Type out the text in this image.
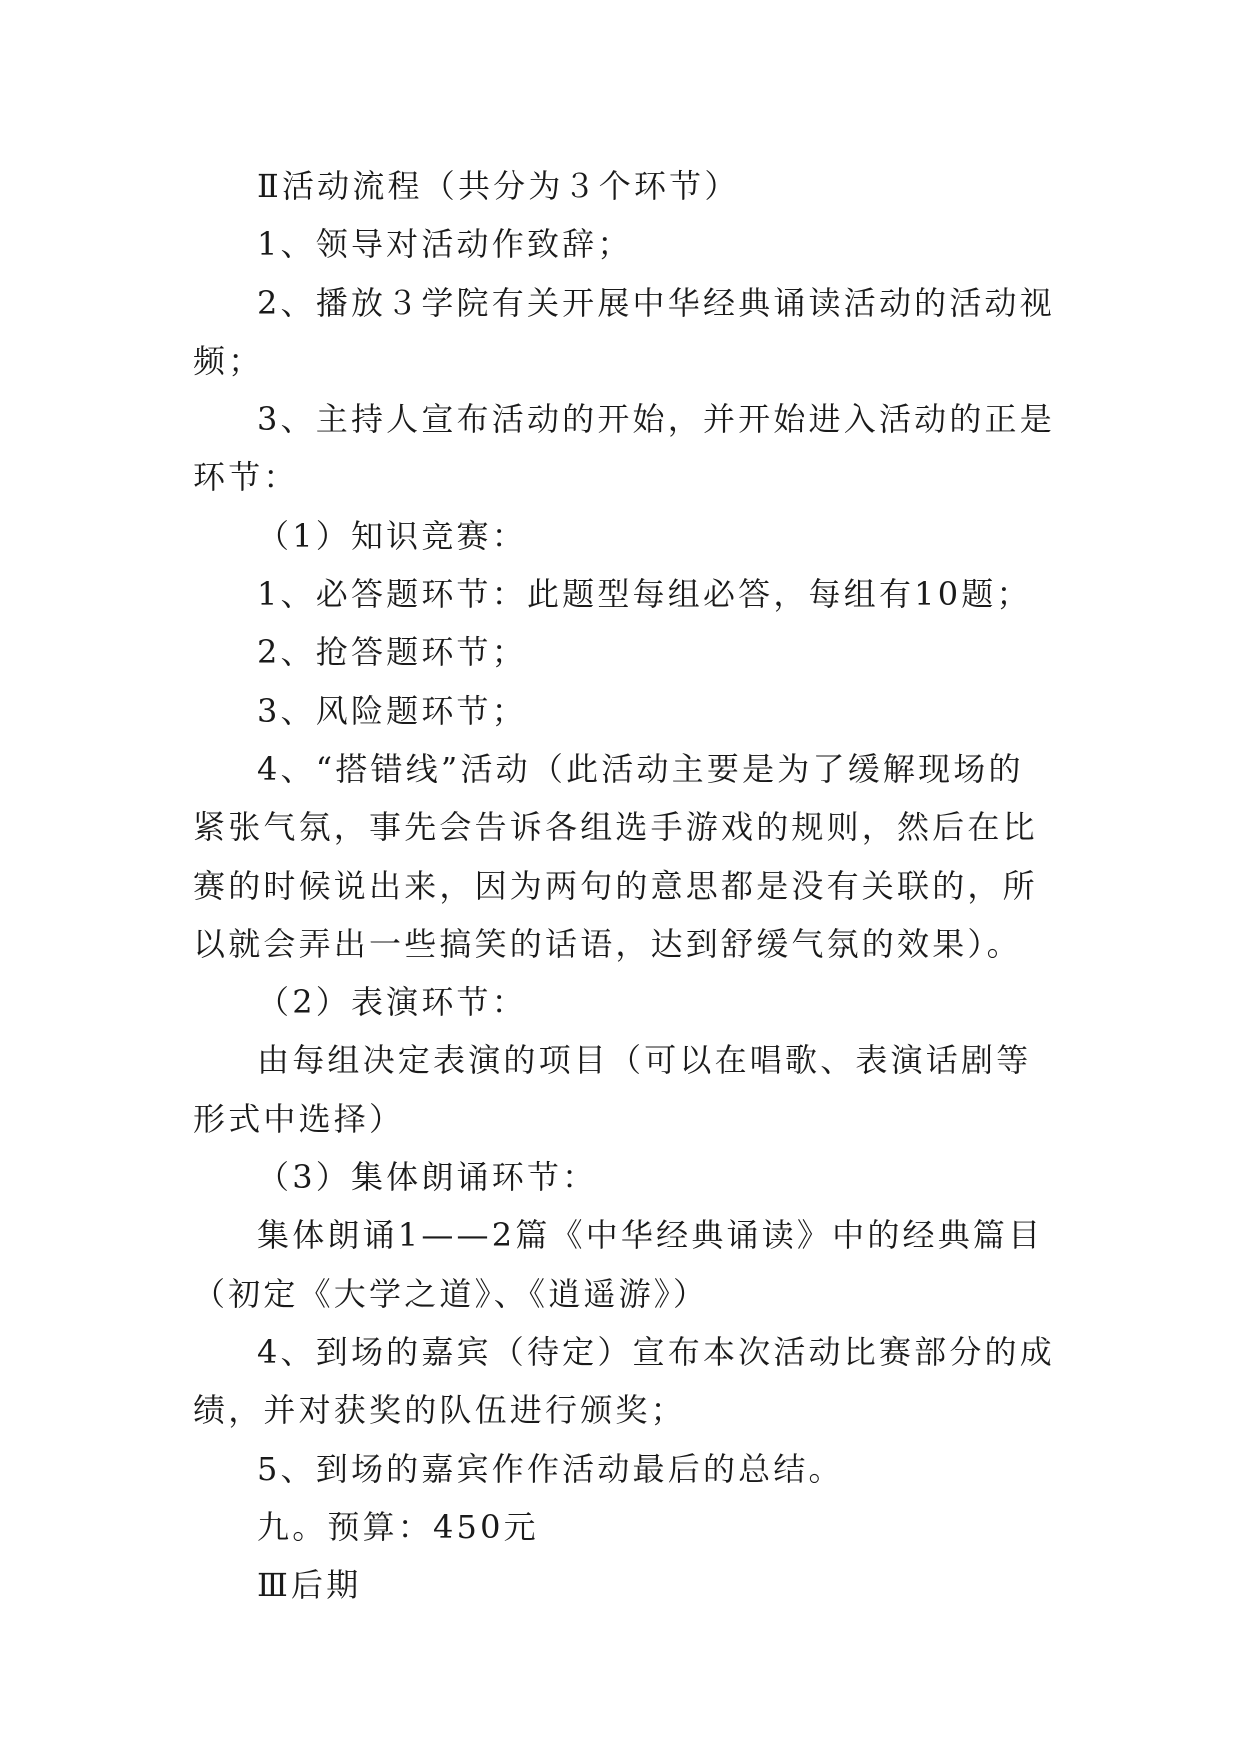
Ⅱ活动流程（共分为３个环节）

1、领导对活动作致辞；

2、播放３学院有关开展中华经典诵读活动的活动视频；

3、主持人宣布活动的开始，并开始进入活动的正是环节：

（1）知识竞赛：

1、必答题环节：此题型每组必答，每组有10题；

2、抢答题环节；

3、风险题环节；

4、“搭错线”活动（此活动主要是为了缓解现场的紧张气氛，事先会告诉各组选手游戏的规则，然后在比赛的时候说出来，因为两句的意思都是没有关联的，所以就会弄出一些搞笑的话语，达到舒缓气氛的效果）。

（2）表演环节：

由每组决定表演的项目（可以在唱歌、表演话剧等形式中选择）

（3）集体朗诵环节：

集体朗诵1——2篇《中华经典诵读》中的经典篇目（初定《大学之道》、《逍遥游》）

4、到场的嘉宾（待定）宣布本次活动比赛部分的成绩，并对获奖的队伍进行颁奖；

5、到场的嘉宾作作活动最后的总结。

九。预算：450元

Ⅲ后期
